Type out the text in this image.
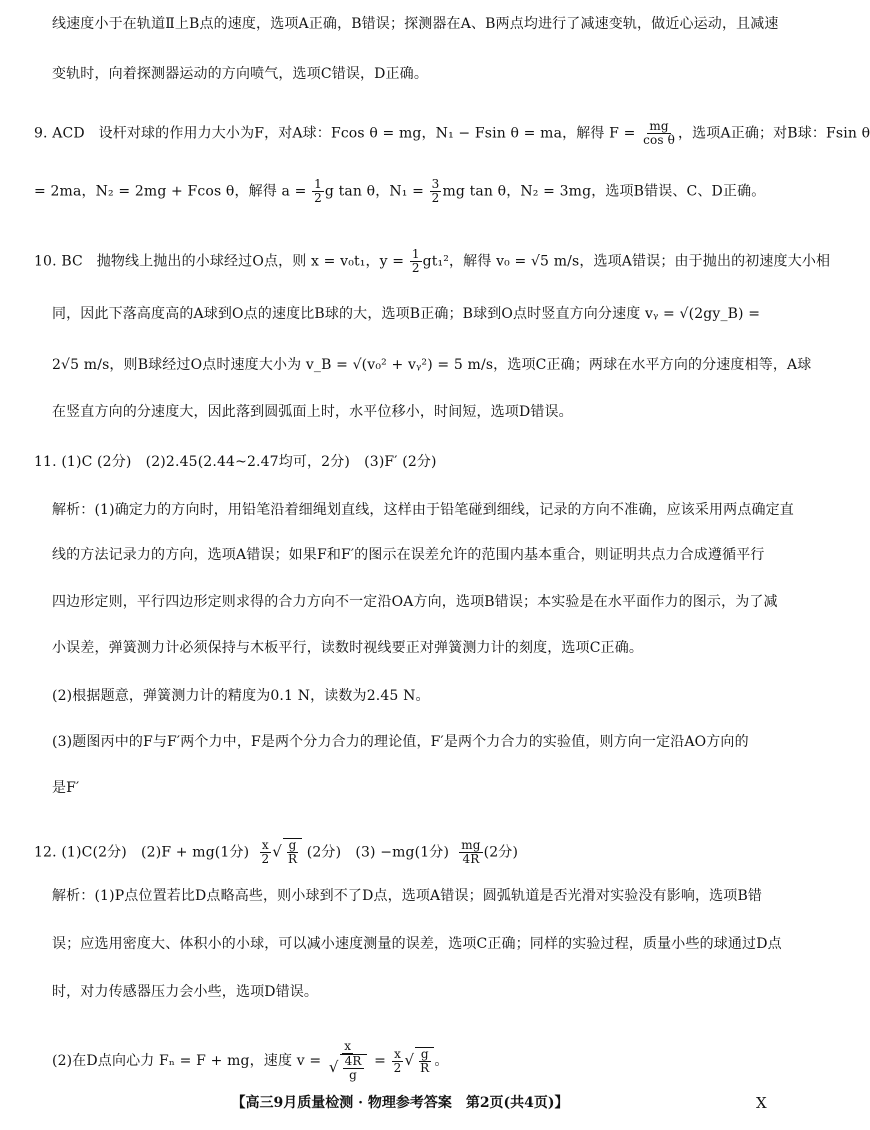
线速度小于在轨道Ⅱ上B点的速度，选项A正确，B错误；探测器在A、B两点均进行了减速变轨，做近心运动，且减速
变轨时，向着探测器运动的方向喷气，选项C错误，D正确。
9. ACD 设杆对球的作用力大小为F，对A球：Fcos θ = mg，N₁ − Fsin θ = ma，解得 $F = \frac{mg}{\text{cos θ}}$ ，选项A正确；对B球：Fsin θ
= 2ma，N₂ = 2mg + Fcos θ，解得 $a = \frac{1}{2}$ g tan θ，$N_1 = \frac{3}{2}$ mg tan θ，N₂ = 3mg，选项B错误、C、D正确。
10. BC 抛物线上抛出的小球经过O点，则 x = v₀t₁，$y = \frac{1}{2} gt_1^2$，解得 v₀ = √5 m/s，选项A错误；由于抛出的初速度大小相
同，因此下落高度高的A球到O点的速度比B球的大，选项B正确；B球到O点时竖直方向分速度 vᵧ = √(2gy_B) =
2√5 m/s，则B球经过O点时速度大小为 v_B = √(v₀² + vᵧ²) = 5 m/s，选项C正确；两球在水平方向的分速度相等，A球
在竖直方向的分速度大，因此落到圆弧面上时，水平位移小，时间短，选项D错误。
11. (1)C (2分)　(2)2.45(2.44~2.47均可，2分)　(3)F′ (2分)
解析：(1)确定力的方向时，用铅笔沿着细绳划直线，这样由于铅笔碰到细线，记录的方向不准确，应该采用两点确定直
线的方法记录力的方向，选项A错误；如果F和F′的图示在误差允许的范围内基本重合，则证明共点力合成遵循平行
四边形定则，平行四边形定则求得的合力方向不一定沿OA方向，选项B错误；本实验是在水平面作力的图示，为了减
小误差，弹簧测力计必须保持与木板平行，读数时视线要正对弹簧测力计的刻度，选项C正确。
(2)根据题意，弹簧测力计的精度为0.1 N，读数为2.45 N。
(3)题图丙中的F与F′两个力中，F是两个分力合力的理论值，F′是两个力合力的实验值，则方向一定沿AO方向的
是F′
12. (1)C(2分)　(2)F + mg(1分) $\frac{x}{2}$ √ $\frac{g}{R} (2$分)　(3) −mg(1分) $\frac{mg}{4R} (2$分)
解析：(1)P点位置若比D点略高些，则小球到不了D点，选项A错误；圆弧轨道是否光滑对实验没有影响，选项B错
误；应选用密度大、体积小的小球，可以减小速度测量的误差，选项C正确；同样的实验过程，质量小些的球通过D点
时，对力传感器压力会小些，选项D错误。
(2)在D点向心力 Fₙ = F + mg，速度 $v = \frac{x}{√ \frac{4R}{g}} = \frac{x}{2}$ √ $\frac{g}{R}$ 。
【高三9月质量检测 · 物理参考答案　第2页(共4页)】	X
